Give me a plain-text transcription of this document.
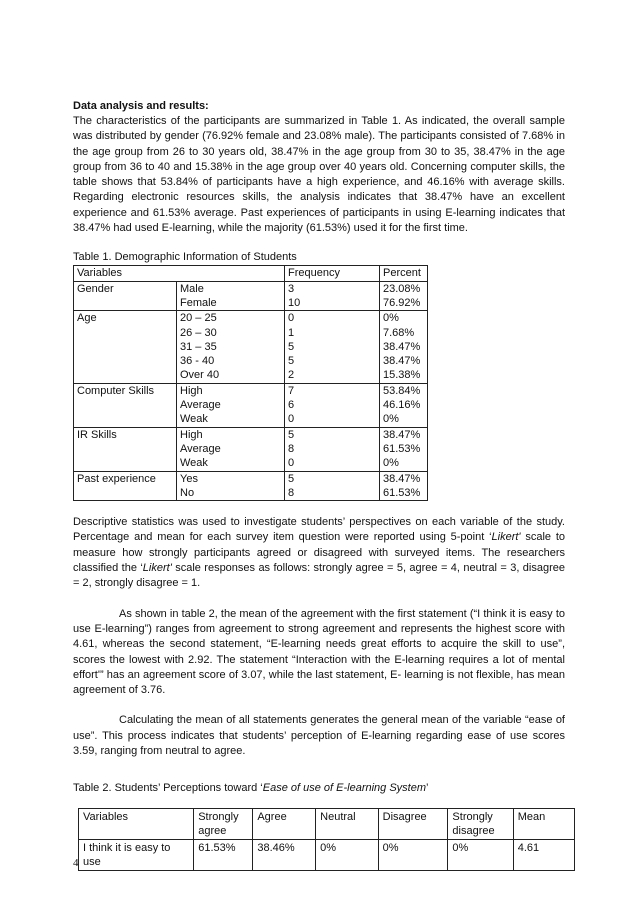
Data analysis and results:

The characteristics of the participants are summarized in Table 1. As indicated, the overall sample was distributed by gender (76.92% female and 23.08% male). The participants consisted of 7.68% in the age group from 26 to 30 years old, 38.47% in the age group from 30 to 35, 38.47% in the age group from 36 to 40 and 15.38% in the age group over 40 years old. Concerning computer skills, the table shows that 53.84% of participants have a high experience, and 46.16% with average skills. Regarding electronic resources skills, the analysis indicates that 38.47% have an excellent experience and 61.53% average. Past experiences of participants in using E-learning indicates that 38.47% had used E-learning, while the majority (61.53%) used it for the first time.

Table 1. Demographic Information of Students
Variables		Frequency	Percent
Gender	Male	3	23.08%
	Female	10	76.92%
Age	20 – 25	0	0%
	26 – 30	1	7.68%
	31 – 35	5	38.47%
	36 - 40	5	38.47%
	Over 40	2	15.38%
Computer Skills	High	7	53.84%
	Average	6	46.16%
	Weak	0	0%
IR Skills	High	5	38.47%
	Average	8	61.53%
	Weak	0	0%
Past experience	Yes	5	38.47%
	No	8	61.53%

Descriptive statistics was used to investigate students’ perspectives on each variable of the study. Percentage and mean for each survey item question were reported using 5-point ‘Likert' scale to measure how strongly participants agreed or disagreed with surveyed items. The researchers classified the ‘Likert' scale responses as follows: strongly agree = 5, agree = 4, neutral = 3, disagree = 2, strongly disagree = 1.

As shown in table 2, the mean of the agreement with the first statement (“I think it is easy to use E-learning”) ranges from agreement to strong agreement and represents the highest score with 4.61, whereas the second statement, “E-learning needs great efforts to acquire the skill to use”, scores the lowest with 2.92. The statement “Interaction with the E-learning requires a lot of mental effort'” has an agreement score of 3.07, while the last statement, E- learning is not flexible, has mean agreement of 3.76.

Calculating the mean of all statements generates the general mean of the variable “ease of use”. This process indicates that students’ perception of E-learning regarding ease of use scores 3.59, ranging from neutral to agree.

Table 2. Students’ Perceptions toward ‘Ease of use of E-learning System’
Variables	Strongly agree	Agree	Neutral	Disagree	Strongly disagree	Mean
I think it is easy to use	61.53%	38.46%	0%	0%	0%	4.61
4
